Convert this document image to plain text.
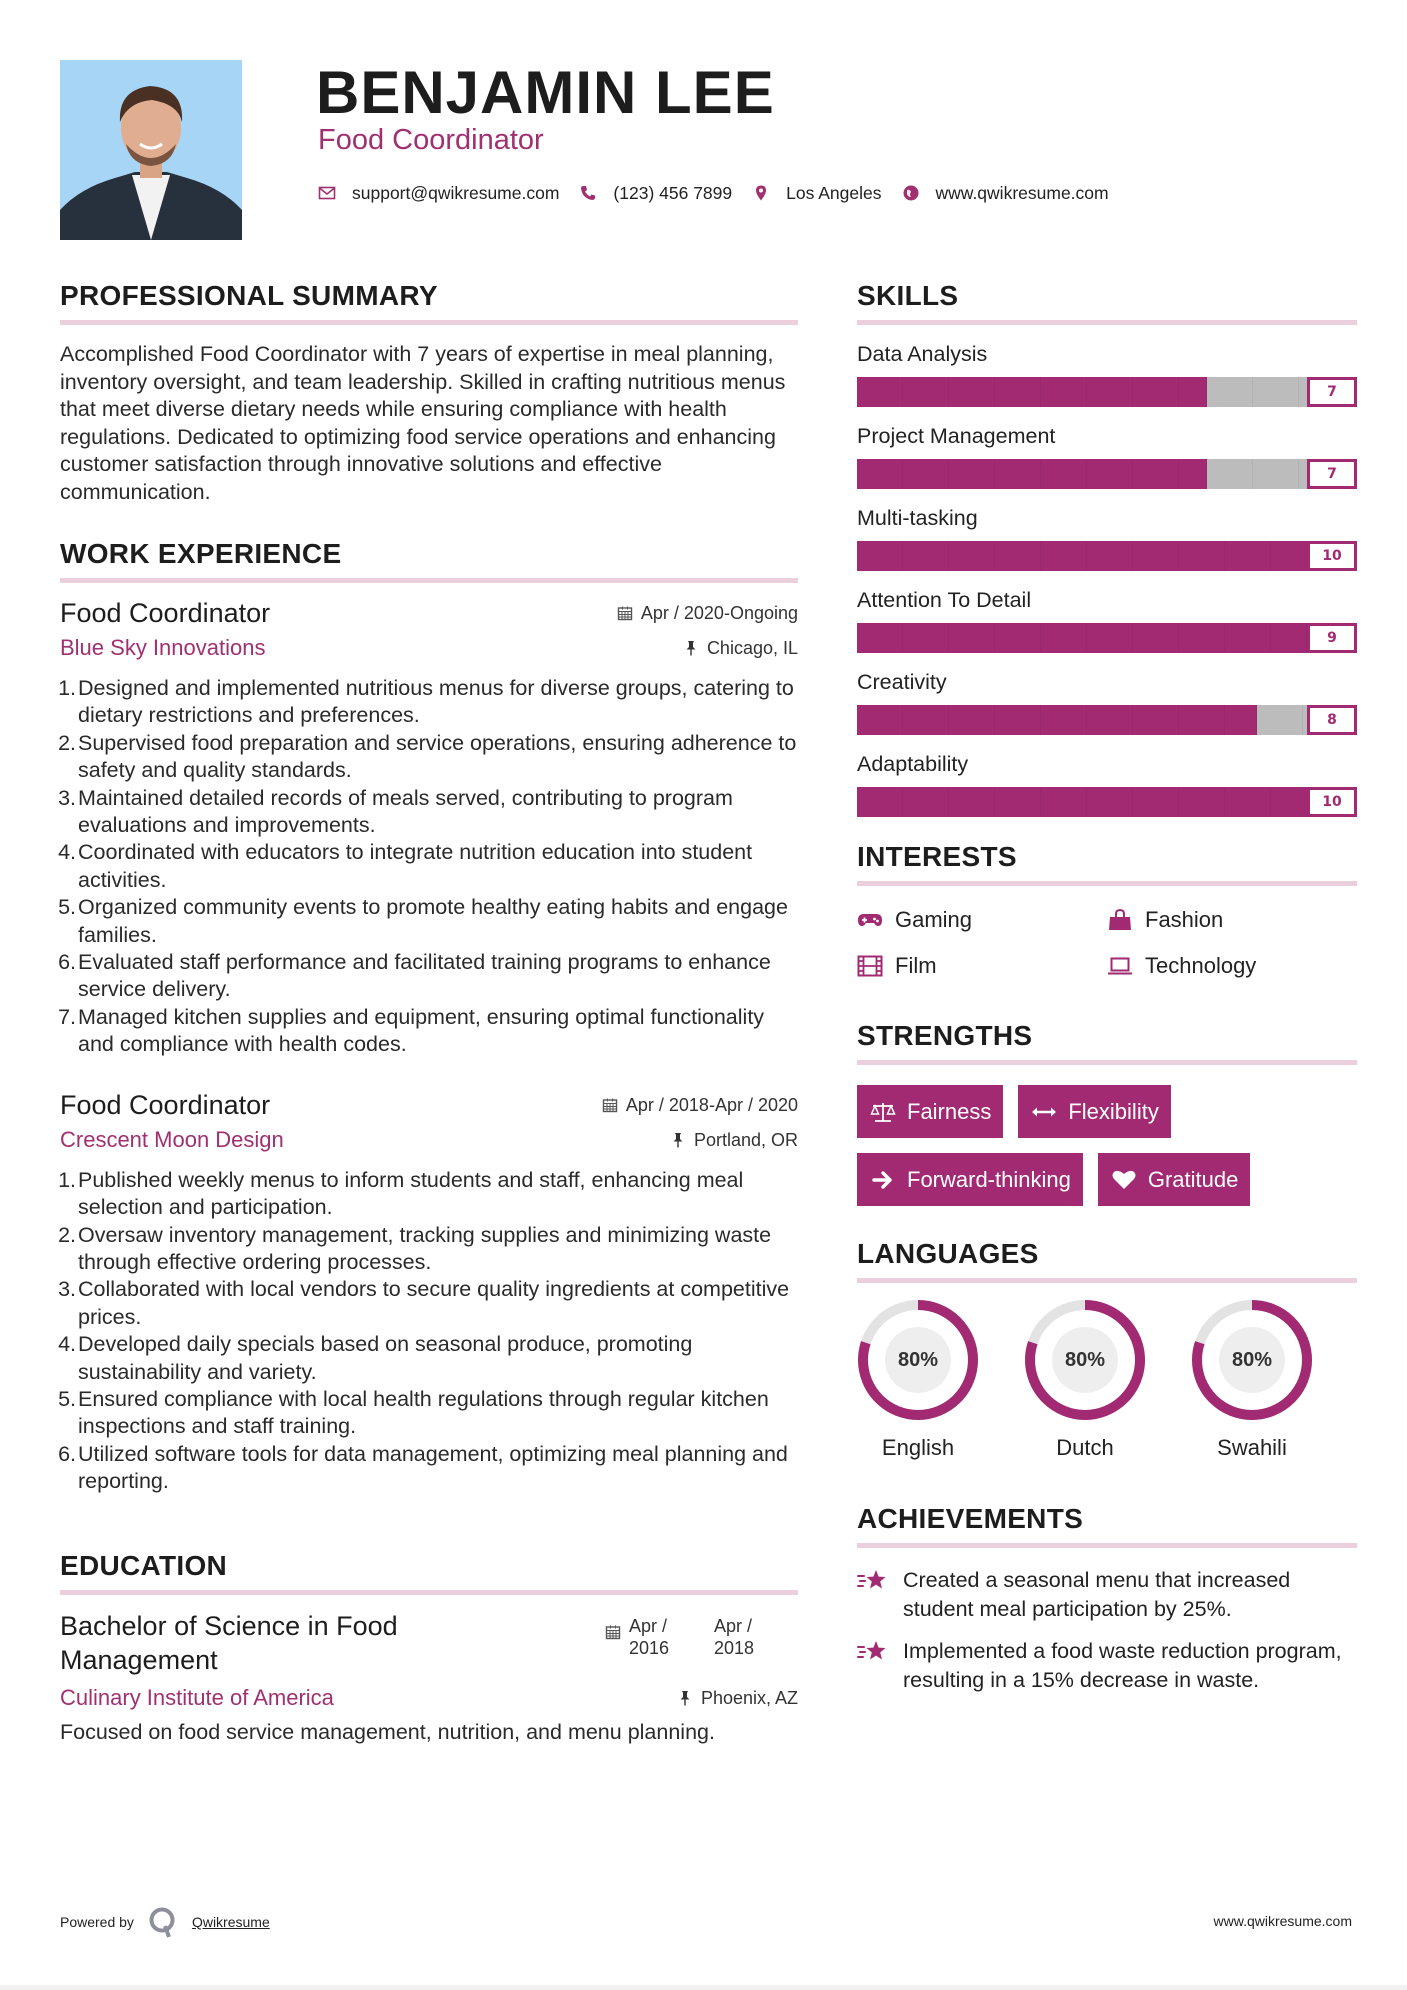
BENJAMIN LEE
Food Coordinator
support@qwikresume.com	(123) 456 7899	Los Angeles	www.qwikresume.com
PROFESSIONAL SUMMARY

Accomplished Food Coordinator with 7 years of expertise in meal planning, inventory oversight, and team leadership. Skilled in crafting nutritious menus that meet diverse dietary needs while ensuring compliance with health regulations. Dedicated to optimizing food service operations and enhancing customer satisfaction through innovative solutions and effective communication.

WORK EXPERIENCE
Food Coordinator	Apr / 2020-Ongoing
Blue Sky Innovations	Chicago, IL
1. Designed and implemented nutritious menus for diverse groups, catering to dietary restrictions and preferences.
2. Supervised food preparation and service operations, ensuring adherence to safety and quality standards.
3. Maintained detailed records of meals served, contributing to program evaluations and improvements.
4. Coordinated with educators to integrate nutrition education into student activities.
5. Organized community events to promote healthy eating habits and engage families.
6. Evaluated staff performance and facilitated training programs to enhance service delivery.
7. Managed kitchen supplies and equipment, ensuring optimal functionality and compliance with health codes.
Food Coordinator	Apr / 2018-Apr / 2020
Crescent Moon Design	Portland, OR
1. Published weekly menus to inform students and staff, enhancing meal selection and participation.
2. Oversaw inventory management, tracking supplies and minimizing waste through effective ordering processes.
3. Collaborated with local vendors to secure quality ingredients at competitive prices.
4. Developed daily specials based on seasonal produce, promoting sustainability and variety.
5. Ensured compliance with local health regulations through regular kitchen inspections and staff training.
6. Utilized software tools for data management, optimizing meal planning and reporting.
EDUCATION
Bachelor of Science in Food Management
Apr / 2016
Apr / 2018
Culinary Institute of America	Phoenix, AZ

Focused on food service management, nutrition, and menu planning.

SKILLS
Data Analysis
7
Project Management
7
Multi-tasking
10
Attention To Detail
9
Creativity
8
Adaptability
10
INTERESTS
Gaming	Fashion
Film	Technology
STRENGTHS
Fairness	Flexibility
Forward-thinking	Gratitude
LANGUAGES
80%
English
80%
Dutch
80%
Swahili
ACHIEVEMENTS
Created a seasonal menu that increased student meal participation by 25%.
Implemented a food waste reduction program, resulting in a 15% decrease in waste.
Powered by	Qwikresume	www.qwikresume.com
